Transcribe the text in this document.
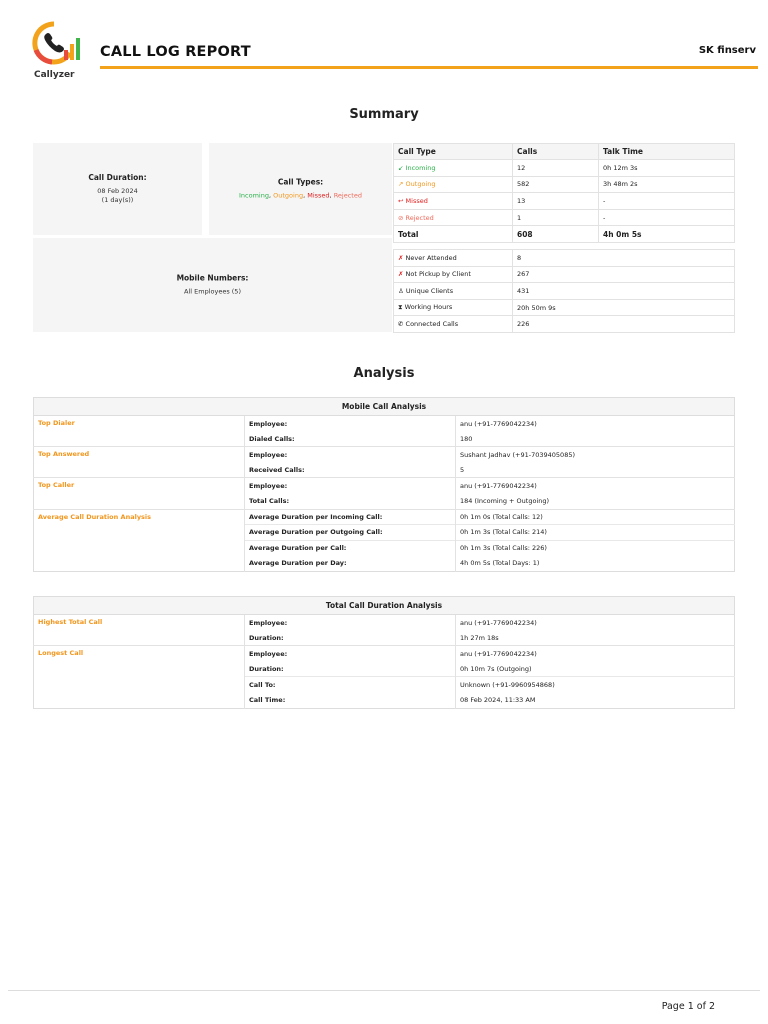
Callyzer
CALL LOG REPORT	SK finserv
Summary
Call Duration:
08 Feb 2024
(1 day(s))
Call Types:
Incoming, Outgoing, Missed, Rejected
Mobile Numbers:
All Employees (5)
Call Type	Calls	Talk Time
↙ Incoming	12	0h 12m 3s
↗ Outgoing	582	3h 48m 2s
↩ Missed	13	-
⊘ Rejected	1	-
Total	608	4h 0m 5s
✗ Never Attended	8
✗ Not Pickup by Client	267
♙ Unique Clients	431
⧗ Working Hours	20h 50m 9s
✆ Connected Calls	226
Analysis
Mobile Call Analysis		
Top Dialer	Employee:	anu (+91-7769042234)
	Dialed Calls:	180
Top Answered	Employee:	Sushant Jadhav (+91-7039405085)
	Received Calls:	5
Top Caller	Employee:	anu (+91-7769042234)
	Total Calls:	184 (Incoming + Outgoing)
Average Call Duration Analysis	Average Duration per Incoming Call:	0h 1m 0s (Total Calls: 12)
	Average Duration per Outgoing Call:	0h 1m 3s (Total Calls: 214)
	Average Duration per Call:	0h 1m 3s (Total Calls: 226)
	Average Duration per Day:	4h 0m 5s (Total Days: 1)
Total Call Duration Analysis		
Highest Total Call	Employee:	anu (+91-7769042234)
	Duration:	1h 27m 18s
Longest Call	Employee:	anu (+91-7769042234)
	Duration:	0h 10m 7s (Outgoing)
	Call To:	Unknown (+91-9960954868)
	Call Time:	08 Feb 2024, 11:33 AM
Page 1 of 2
